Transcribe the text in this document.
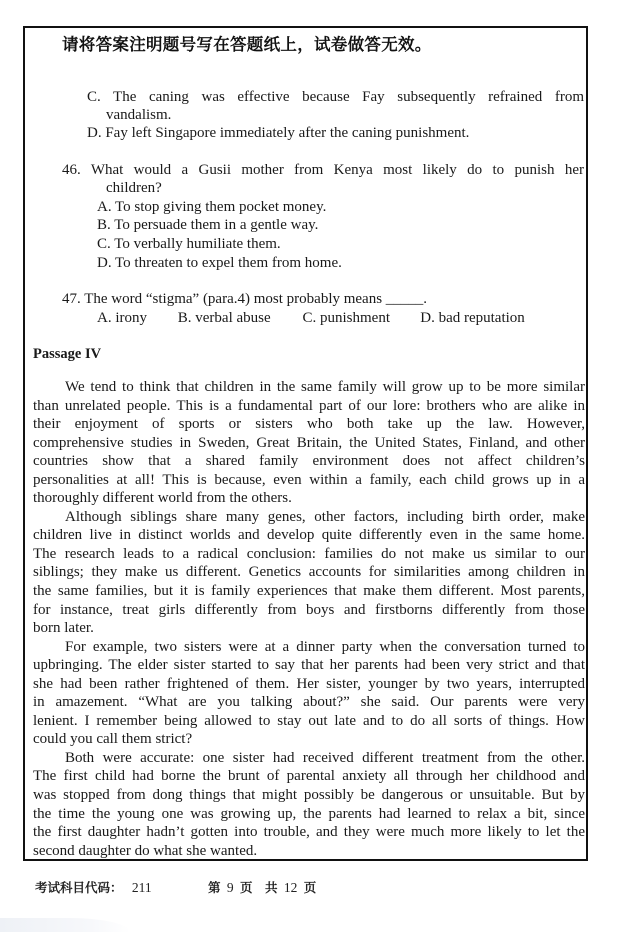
请将答案注明题号写在答题纸上，试卷做答无效。
C. The caning was effective because Fay subsequently refrained from
vandalism.
D. Fay left Singapore immediately after the caning punishment.
46. What would a Gusii mother from Kenya most likely do to punish her
children?
A. To stop giving them pocket money.
B. To persuade them in a gentle way.
C. To verbally humiliate them.
D. To threaten to expel them from home.
47. The word “stigma” (para.4) most probably means _____.
A. irony B. verbal abuse C. punishment D. bad reputation
Passage IV
We tend to think that children in the same family will grow up to be more similar
than unrelated people. This is a fundamental part of our lore: brothers who are alike in
their enjoyment of sports or sisters who both take up the law. However,
comprehensive studies in Sweden, Great Britain, the United States, Finland, and other
countries show that a shared family environment does not affect children’s
personalities at all! This is because, even within a family, each child grows up in a
thoroughly different world from the others.
Although siblings share many genes, other factors, including birth order, make
children live in distinct worlds and develop quite differently even in the same home.
The research leads to a radical conclusion: families do not make us similar to our
siblings; they make us different. Genetics accounts for similarities among children in
the same families, but it is family experiences that make them different. Most parents,
for instance, treat girls differently from boys and firstborns differently from those
born later.
For example, two sisters were at a dinner party when the conversation turned to
upbringing. The elder sister started to say that her parents had been very strict and that
she had been rather frightened of them. Her sister, younger by two years, interrupted
in amazement. “What are you talking about?” she said. Our parents were very
lenient. I remember being allowed to stay out late and to do all sorts of things. How
could you call them strict?
Both were accurate: one sister had received different treatment from the other.
The first child had borne the brunt of parental anxiety all through her childhood and
was stopped from dong things that might possibly be dangerous or unsuitable. But by
the time the young one was growing up, the parents had learned to relax a bit, since
the first daughter hadn’t gotten into trouble, and they were much more likely to let the
second daughter do what she wanted.
考试科目代码： 211	第 9 页　共 12 页
